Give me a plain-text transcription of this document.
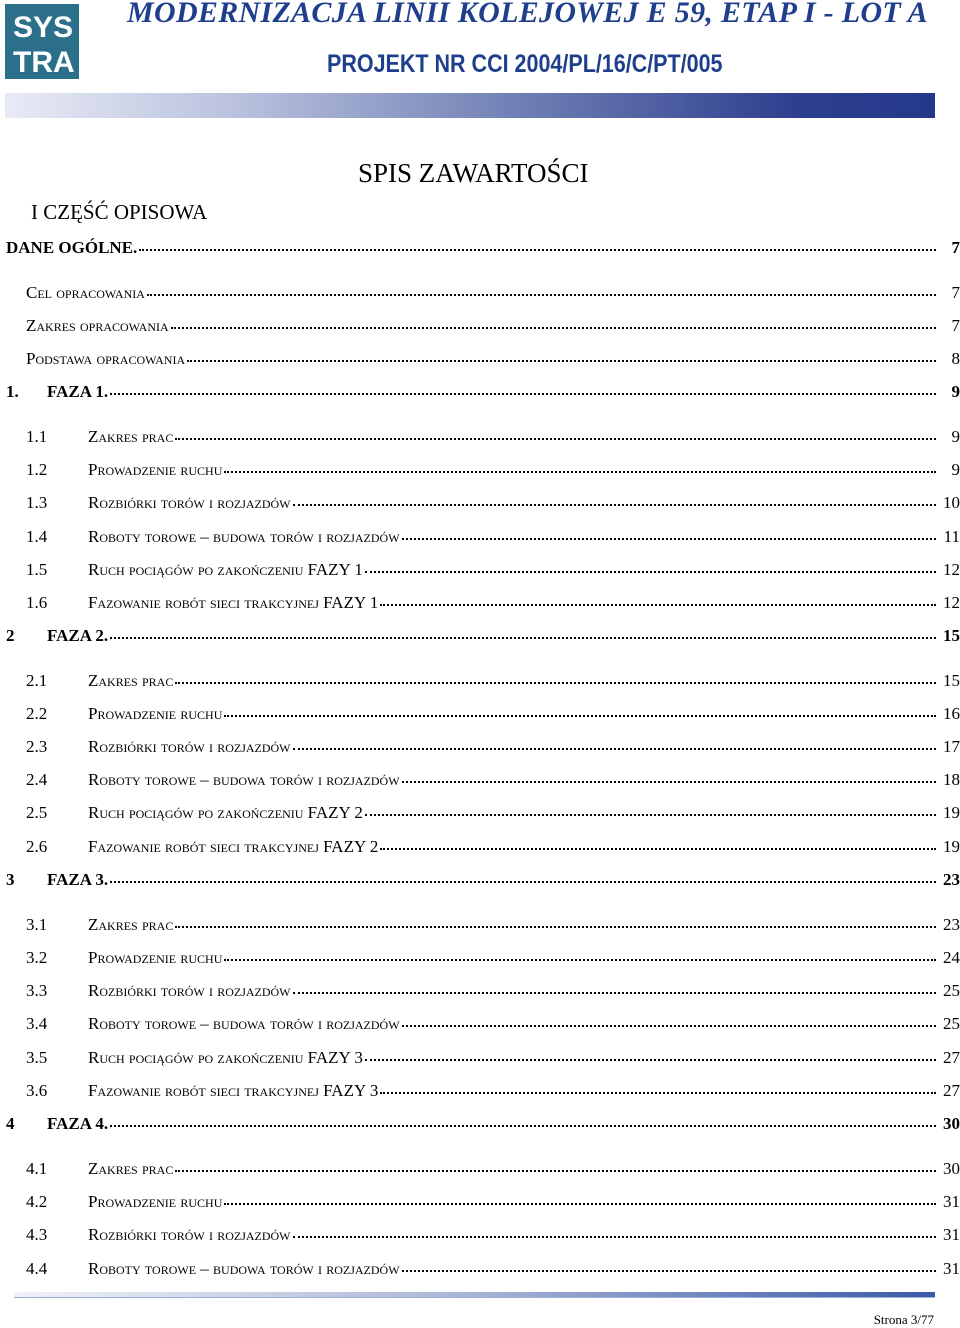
SYS
TRA
MODERNIZACJA LINII KOLEJOWEJ E 59, ETAP I - LOT A
PROJEKT NR CCI 2004/PL/16/C/PT/005
SPIS ZAWARTOŚCI
I CZĘŚĆ OPISOWA
DANE OGÓLNE.	7
Cel opracowania	7
Zakres opracowania	7
Podstawa opracowania	8
1. FAZA 1.	9
1.1 Zakres prac	9
1.2 Prowadzenie ruchu	9
1.3 Rozbiórki torów i rozjazdów	10
1.4 Roboty torowe – budowa torów i rozjazdów	11
1.5 Ruch pociągów po zakończeniu FAZY 1	12
1.6 Fazowanie robót sieci trakcyjnej FAZY 1	12
2 FAZA 2.	15
2.1 Zakres prac	15
2.2 Prowadzenie ruchu	16
2.3 Rozbiórki torów i rozjazdów	17
2.4 Roboty torowe – budowa torów i rozjazdów	18
2.5 Ruch pociągów po zakończeniu FAZY 2	19
2.6 Fazowanie robót sieci trakcyjnej FAZY 2	19
3 FAZA 3.	23
3.1 Zakres prac	23
3.2 Prowadzenie ruchu	24
3.3 Rozbiórki torów i rozjazdów	25
3.4 Roboty torowe – budowa torów i rozjazdów	25
3.5 Ruch pociągów po zakończeniu FAZY 3	27
3.6 Fazowanie robót sieci trakcyjnej FAZY 3	27
4 FAZA 4.	30
4.1 Zakres prac	30
4.2 Prowadzenie ruchu	31
4.3 Rozbiórki torów i rozjazdów	31
4.4 Roboty torowe – budowa torów i rozjazdów	31
Strona 3/77
